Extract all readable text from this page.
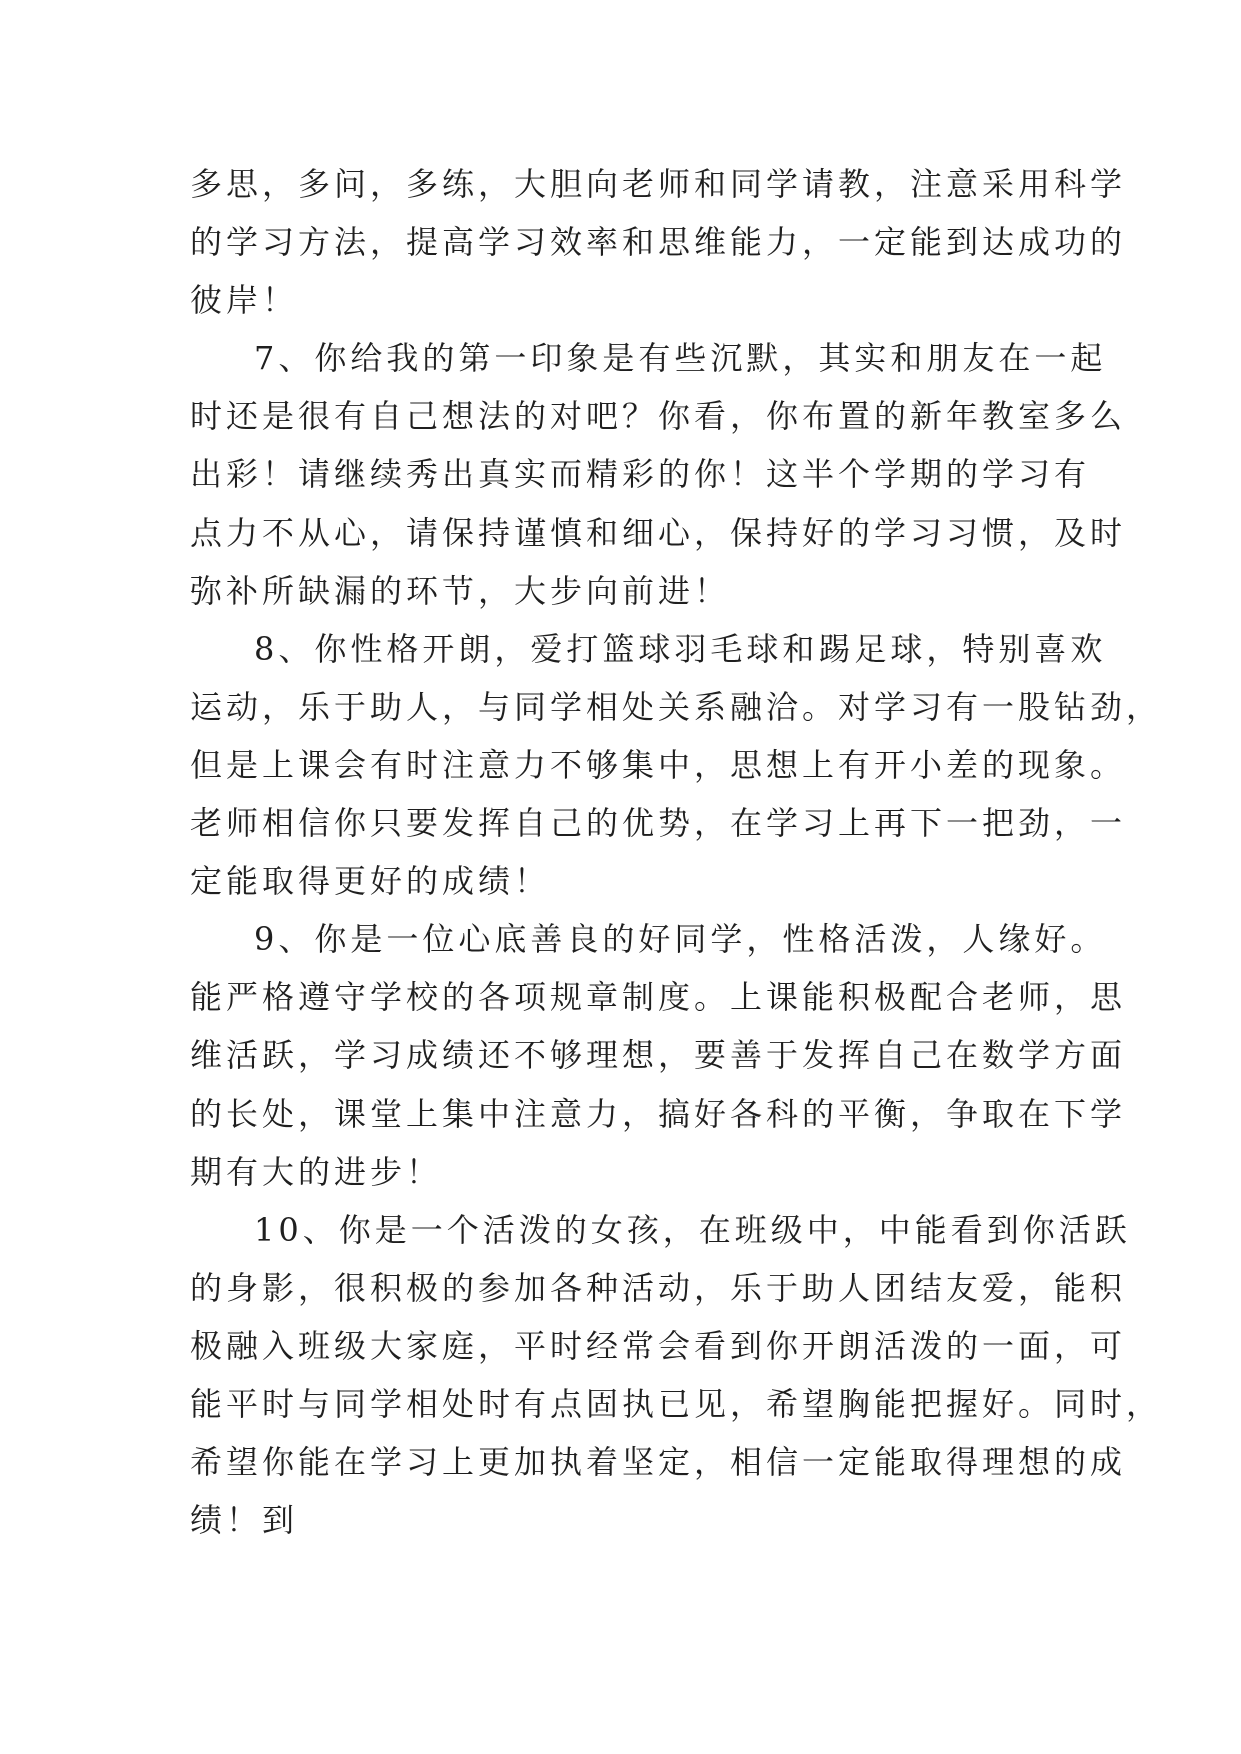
多思，多问，多练，大胆向老师和同学请教，注意采用科学
的学习方法，提高学习效率和思维能力，一定能到达成功的
彼岸！
7、你给我的第一印象是有些沉默，其实和朋友在一起
时还是很有自己想法的对吧？你看，你布置的新年教室多么
出彩！请继续秀出真实而精彩的你！这半个学期的学习有
点力不从心，请保持谨慎和细心，保持好的学习习惯，及时
弥补所缺漏的环节，大步向前进！
8、你性格开朗，爱打篮球羽毛球和踢足球，特别喜欢
运动，乐于助人，与同学相处关系融洽。对学习有一股钻劲，
但是上课会有时注意力不够集中，思想上有开小差的现象。
老师相信你只要发挥自己的优势，在学习上再下一把劲，一
定能取得更好的成绩！
9、你是一位心底善良的好同学，性格活泼，人缘好。
能严格遵守学校的各项规章制度。上课能积极配合老师，思
维活跃，学习成绩还不够理想，要善于发挥自己在数学方面
的长处，课堂上集中注意力，搞好各科的平衡，争取在下学
期有大的进步！
10、你是一个活泼的女孩，在班级中，中能看到你活跃
的身影，很积极的参加各种活动，乐于助人团结友爱，能积
极融入班级大家庭，平时经常会看到你开朗活泼的一面，可
能平时与同学相处时有点固执已见，希望胸能把握好。同时，
希望你能在学习上更加执着坚定，相信一定能取得理想的成
绩！到
